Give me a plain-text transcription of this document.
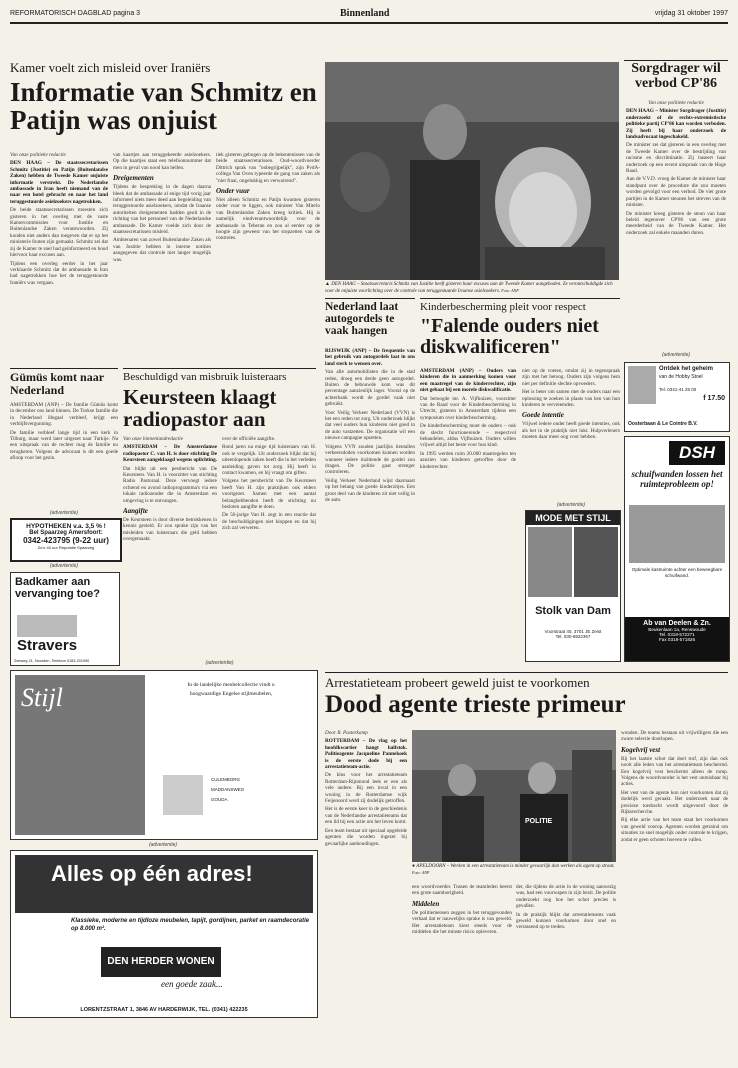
REFORMATORISCH DAGBLAD pagina 3	Binnenland	vrijdag 31 oktober 1997
Kamer voelt zich misleid over Iraniërs
Informatie van Schmitz en Patijn was onjuist

Van onze politieke redactie

DEN HAAG – De staatssecretarissen Schmitz (Justitie) en Patijn (Buitenlandse Zaken) hebben de Tweede Kamer onjuiste informatie verstrekt. De Nederlandse ambassade in Iran heeft niemand van de naar een hotel gebracht en naar het land teruggestuurde asielzoekers nagetrokken.

De beide staatssecretarissen moesten zich gisteren in het overleg met de vaste Kamercommissies voor Justitie en Buitenlandse Zaken verantwoorden. Zij konden niet anders dan toegeven dat er op het ministerie fouten zijn gemaakt. Schmitz zei dat zij de Kamer te snel had geïnformeerd en bood hiervoor haar excuses aan.

Tijdens een overleg eerder in het jaar verklaarde Schmitz dat de ambassade in Iran had nagetrokken hoe het de teruggestuurde Iraniërs was vergaan.

van kaartjes aan teruggekeerde asielzoekers. Op die kaartjes staat een telefoonnummer dat men in geval van nood kan bellen.

Dreigementen

Tijdens de bespreking in de dagen daarna bleek dat de ambassade al enige tijd vorig jaar informeel niets meer deed aan begeleiding van teruggestuurde asielzoekers, omdat de Iraanse autoriteiten dreigementen hadden geuit in de richting van het personeel van de Nederlandse ambassade. De Kamer voelde zich door de staatssecretarissen misleid.

Ambtenaren van zowel Buitenlandse Zaken als van Justitie hebben in interne notities aangegeven dat controle niet langer mogelijk was.

tiek gisteren gebogen op de bekentenissen van de beide staatssecretarissen. Oud-woordvoerder Dittrich sprak van "onbegrijpelijk", zijn PvdA-collega Van Oven typeerde de gang van zaken als "niet fraai, ongelukkig en verwarrend".

Onder vuur

Niet alleen Schmitz en Patijn kwamen gisteren onder vuur te liggen, ook minister Van Mierlo van Buitenlandse Zaken kreeg kritiek. Hij is namelijk eindverantwoordelijk voor de ambassade in Teheran en zou al eerder op de hoogte zijn geweest van het stopzetten van de controles.

▲ DEN HAAG – Staatssecretaris Schmitz van Justitie heeft gisteren haar excuses aan de Tweede Kamer aangeboden. Ze verontschuldigde zich voor de onjuiste voorlichting over de controle van teruggestuurde Iraanse asielzoekers. Foto: ANP
Sorgdrager wil verbod CP'86

Van onze politieke redactie

DEN HAAG – Minister Sorgdrager (Justitie) onderzoekt of de rechts-extremistische politieke partij CP'86 kan worden verboden. Zij heeft bij haar onderzoek de landsadvocaat ingeschakeld.

De minister zei dat gisteren in een overleg met de Tweede Kamer over de bestrijding van racisme en discriminatie. Zij baseert haar onderzoek op een recent uitspraak van de Hoge Raad.

Aan de V.V.D. vroeg de Kamer de minister haar standpunt over de procedure die zou moeten worden gevolgd voor een verbod. De vier grote partijen in de Kamer steunen het streven van de minister.

De minister kreeg gisteren de steun van haar beleid tegenover CP'86 van een grote meerderheid van de Tweede Kamer. Het onderzoek zal enkele maanden duren.

(advertentie)
Gümüs komt naar Nederland

AMSTERDAM (ANP) – De familie Gümüs komt in december ons land binnen. De Turkse familie die in Nederland illegaal verbleef, krijgt een verblijfsvergunning.

De familie verbleef lange tijd in een kerk in Tilburg, maar werd later uitgezet naar Turkije. Na een uitspraak van de rechter mag de familie nu terugkeren. Volgens de advocaat is dit een goede afloop voor het gezin.

(advertentie)
HYPOTHEKEN v.a. 3,5 % !
Bel Spaarzeg Amersfoort:
0342-423795 (9-22 uur)
Zo'n 40 uur Reputatie Spaarzeg
(advertentie)
Badkamer aan vervanging toe?
Stravers
Zeeweg 21, Noorden, Telefoon 0183-201090
Beschuldigd van misbruik luisteraars
Keursteen klaagt radiopastor aan

Van onze binnenlandredactie

AMSTERDAM – De Amsterdamse radiopastor C. van H. is door stichting De Keursteen aangeklaagd wegens oplichting.

Dat blijkt uit een persbericht van De Keursteen. Van H. is voorzitter van stichting Radio Pastoraal. Deze vervoegt iedere ochtend en avond radioprogramma's via een lokale radiozender die in Amsterdam en omgeving is te ontvangen.

Aangifte

De Keursteen is door diverse betrokkenen in kennis gesteld. Er zou sprake zijn van het misleiden van luisteraars die geld hebben overgemaakt.

over de officiële aangifte.

Rond jaren na enige tijd luisteraars van H. ook te vergelijk. Uit onderzoek blijkt dat hij uiteenlopende zaken heeft die in het verleden aanleiding gaven tot zorg. Hij heeft in contact kwamen, en hij vraagt om giften.

Volgens het persbericht van De Keursteen heeft Van H. zijn praktijken ook elders voortgezet. Samen met een aantal belanghebbenden heeft de stichting nu besloten aangifte te doen.

De 56-jarige Van H. zegt in een reactie dat de beschuldigingen niet kloppen en dat hij zich zal verweren.

(advertentie)
Nederland laat autogordels te vaak hangen

RIJSWIJK (ANP) – De frequentie van het gebruik van autogordels laat in ons land sterk te wensen over.

Van alle automobilisten die in de stad reden, droeg een derde geen autogordel. Buiten de bebouwde kom was dit percentage aanzienlijk lager. Vooral op de achterbank wordt de gordel vaak niet gebruikt.

Voor Veilig Verkeer Nederland (VVN) is het een reden tot zorg. Uit onderzoek blijkt dat veel ouders hun kinderen niet goed in de auto vastzetten. De organisatie wil een nieuwe campagne opzetten.

Volgens VVN zouden jaarlijks tientallen verkeersdoden voorkomen kunnen worden wanneer iedere inzittende de gordel zou dragen. De politie gaat strenger controleren.

Veilig Verkeer Nederland wijst daarnaast op het belang van goede kinderzitjes. Een groot deel van de kinderen zit niet veilig in de auto.

Kinderbescherming pleit voor respect
"Falende ouders niet diskwalificeren"

AMSTERDAM (ANP) – Ouders van kinderen die in aanmerking komen voor een maatregel van de kinderrechter, zijn niet gebaat bij een morele diskwalificatie.

Dat betoogde mr. A. Vijfhuizen, voorzitter van de Raad voor de Kinderbescherming in Utrecht, gisteren in Amsterdam tijdens een symposium over kinderbescherming.

De kinderbescherming moet de ouders – ook de slecht functionerende – respectvol behandelen, aldus Vijfhuizen. Ouders willen vrijwel altijd het beste voor hun kind.

In 1995 werden ruim 20.000 maatregelen ten aanzien van kinderen getroffen door de kinderrechter.

niet op de voeten, omdat zij in tegenspraak zijn met het betoog. Ouders zijn volgens hem niet per definitie slechte opvoeders.

Het is beter om samen met de ouders naar een oplossing te zoeken in plaats van hen van hun kinderen te vervreemden.

Goede intentie

Vrijwel iedere ouder heeft goede intenties, ook als het in de praktijk niet lukt. Hulpverleners moeten daar meer oog voor hebben.

(advertentie)
MODE MET STIJL
Stolk van Dam
Voorstraat 40, 3701 JE Zeist
Tel. 030-6922367
Ontdek het geheim
van de Hobby Stoel
Tel. 0341-41 26 00
f 17.50
Oosterbaan & Le Cointre B.V.
DSH
schuifwanden lossen het ruimteprobleem op!
Optimale kastruimte achter een beweegbare schuifwand.
Ab van Deelen & Zn.
Beukenlaan 1a, Renswoude
Tel. 0318-572271
Fax 0318-571826
Stijl	In de landelijke meubelcollectie vindt u
hoogwaardige Engelse stijlmeubelen,
CULEMBORG
MADDANSWEG
GOUDA
(advertentie)
Alles op één adres!
Klassieke, moderne en tijdloze meubelen, tapijt, gordijnen, parket en raamdecoratie op 8.000 m².
DEN HERDER WONEN
een goede zaak...
LORENTZSTRAAT 1, 3846 AV HARDERWIJK, TEL. (0341) 422235
Arrestatieteam probeert geweld juist te voorkomen
Dood agente trieste primeur

Door R. Pasterkamp

ROTTERDAM – De vlag op het hoofdkwartier hangt halfstok. Politieagente Jacqueline Pannekoek is de eerste dode bij een arrestatieteam-actie.

De klus voor het arrestatieteam Rotterdam-Rijnmond leek er een als vele andere. Bij een inval in een woning in de Rotterdamse wijk Feijenoord werd zij dodelijk getroffen.

Het is de eerste keer in de geschiedenis van de Nederlandse arrestatieteams dat een lid bij een actie om het leven komt.

Een team bestaat uit speciaal opgeleide agenten die worden ingezet bij gevaarlijke aanhoudingen.

POLITIE
● APELDOORN – Werken in een arrestatieteam is minder gevaarlijk dan werken als agent op straat. Foto: ANP

een woordvoerder. Tussen de teamleden heerst een grote saamhorigheid.

Middelen

De politiemensen zeggen in het teruggevonden verhaal dat er nauwelijks sprake is van geweld. Het arrestatieteam kiest steeds voor de middelen die het minste risico opleveren.

der, die tijdens de actie in de woning aanwezig was, had een vuurwapen in zijn bezit. De politie onderzoekt nog hoe het schot precies is gevallen.

In de praktijk blijkt dat arrestatieteams vaak geweld kunnen voorkomen door snel en verrassend op te treden.

wonden. De teams bestaan uit vrijwilligers die een zware selectie doorlopen.

Kogelvrij vest

Bij het laatste schot dat doel trof, zijn dan ook nooit alle leden van het arrestatieteam beschermd. Een kogelvrij vest beschermt alleen de romp. Volgens de woordvoerder is het vest onmisbaar bij acties.

Het vest van de agente kon niet voorkomen dat zij dodelijk werd geraakt. Het onderzoek naar de precieze toedracht wordt uitgevoerd door de Rijksrecherche.

Bij elke actie van het team staat het voorkomen van geweld voorop. Agenten worden getraind om situaties zo snel mogelijk onder controle te krijgen, zodat er geen schoten hoeven te vallen.
